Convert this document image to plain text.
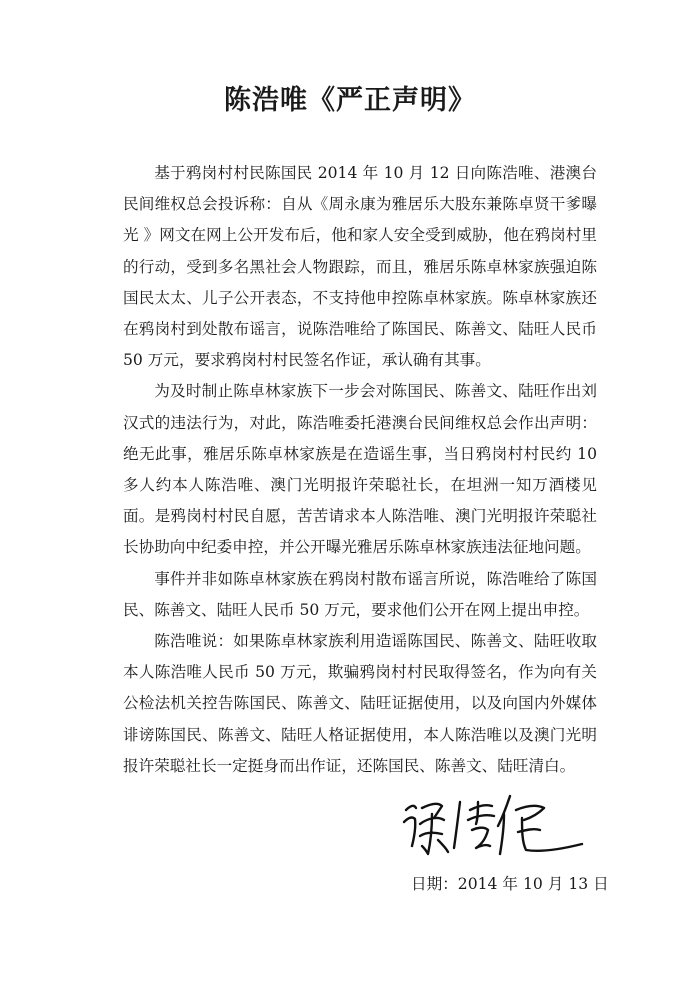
陈浩唯《严正声明》

基于鸦岗村村民陈国民 2014 年 10 月 12 日向陈浩唯、港澳台民间维权总会投诉称：自从《周永康为雅居乐大股东兼陈卓贤干爹曝光 》网文在网上公开发布后，他和家人安全受到威胁，他在鸦岗村里的行动，受到多名黑社会人物跟踪，而且，雅居乐陈卓林家族强迫陈国民太太、儿子公开表态，不支持他申控陈卓林家族。陈卓林家族还在鸦岗村到处散布谣言，说陈浩唯给了陈国民、陈善文、陆旺人民币 50 万元，要求鸦岗村村民签名作证，承认确有其事。

为及时制止陈卓林家族下一步会对陈国民、陈善文、陆旺作出刘汉式的违法行为，对此，陈浩唯委托港澳台民间维权总会作出声明：绝无此事，雅居乐陈卓林家族是在造谣生事，当日鸦岗村村民约 10多人约本人陈浩唯、澳门光明报许荣聪社长，在坦洲一知万酒楼见面。是鸦岗村村民自愿，苦苦请求本人陈浩唯、澳门光明报许荣聪社长协助向中纪委申控，并公开曝光雅居乐陈卓林家族违法征地问题。

事件并非如陈卓林家族在鸦岗村散布谣言所说，陈浩唯给了陈国民、陈善文、陆旺人民币 50 万元，要求他们公开在网上提出申控。

陈浩唯说：如果陈卓林家族利用造谣陈国民、陈善文、陆旺收取本人陈浩唯人民币 50 万元，欺骗鸦岗村村民取得签名，作为向有关公检法机关控告陈国民、陈善文、陆旺证据使用，以及向国内外媒体诽谤陈国民、陈善文、陆旺人格证据使用，本人陈浩唯以及澳门光明报许荣聪社长一定挺身而出作证，还陈国民、陈善文、陆旺清白。

日期：2014 年 10 月 13 日
